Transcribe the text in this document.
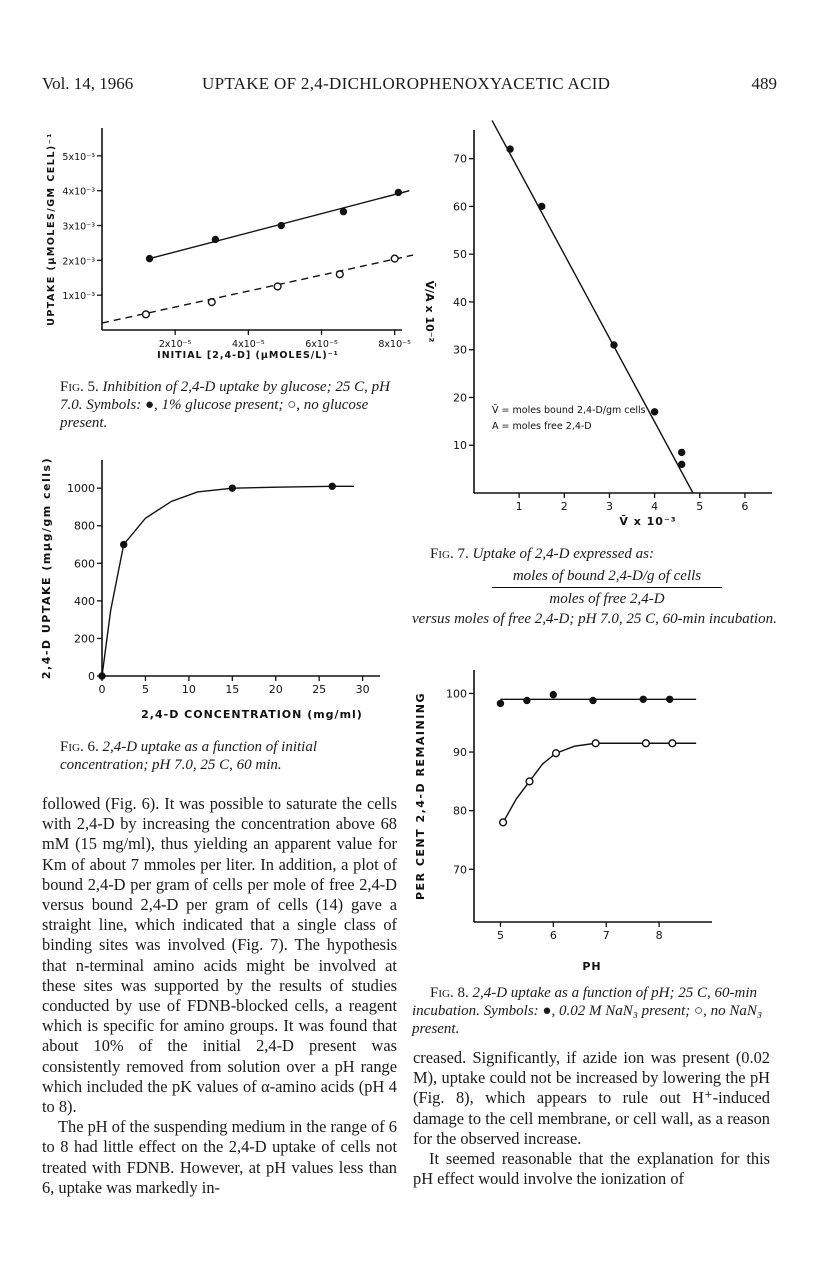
Vol. 14, 1966	UPTAKE OF 2,4-DICHLOROPHENOXYACETIC ACID	489
2x10⁻⁵	4x10⁻⁵	6x10⁻⁵	8x10⁻⁵
1x10⁻³
2x10⁻³
3x10⁻³
4x10⁻³
5x10⁻³
INITIAL [2,4-D] (μMOLES/L)⁻¹
UPTAKE (μMOLES/GM CELL)⁻¹
0	5	10	15	20	25	30
0
200
400
600
800
1000
2,4-D CONCENTRATION (mg/ml)
2,4-D UPTAKE (mμg/gm cells)	1	2	3	4	5	6
10
20
30
40
50
60
70
V̄ x 10⁻³
V̄/A x 10⁻²
V̄ = moles bound 2,4-D/gm cells
A = moles free 2,4-D
5	6	7	8
70
80
90
100
PH
PER CENT 2,4-D REMAINING
Fig. 5. Inhibition of 2,4-D uptake by glucose; 25 C, pH 7.0. Symbols: ●, 1% glucose present; ○, no glucose present.
Fig. 6. 2,4-D uptake as a function of initial concentration; pH 7.0, 25 C, 60 min.
Fig. 7. Uptake of 2,4-D expressed as:
moles of bound 2,4-D/g of cells
moles of free 2,4-D
versus moles of free 2,4-D; pH 7.0, 25 C, 60-min incubation.
Fig. 8. 2,4-D uptake as a function of pH; 25 C, 60-min incubation. Symbols: ●, 0.02 M NaN₃ present; ○, no NaN₃ present.

followed (Fig. 6). It was possible to saturate the cells with 2,4-D by increasing the concentration above 68 mM (15 mg/ml), thus yielding an apparent value for Km of about 7 mmoles per liter. In addition, a plot of bound 2,4-D per gram of cells per mole of free 2,4-D versus bound 2,4-D per gram of cells (14) gave a straight line, which indicated that a single class of binding sites was involved (Fig. 7). The hypothesis that n-terminal amino acids might be involved at these sites was supported by the results of studies conducted by use of FDNB-blocked cells, a reagent which is specific for amino groups. It was found that about 10% of the initial 2,4-D present was consistently removed from solution over a pH range which included the pK values of α-amino acids (pH 4 to 8).

The pH of the suspending medium in the range of 6 to 8 had little effect on the 2,4-D uptake of cells not treated with FDNB. However, at pH values less than 6, uptake was markedly in-

creased. Significantly, if azide ion was present (0.02 M), uptake could not be increased by lowering the pH (Fig. 8), which appears to rule out H⁺-induced damage to the cell membrane, or cell wall, as a reason for the observed increase.

It seemed reasonable that the explanation for this pH effect would involve the ionization of
